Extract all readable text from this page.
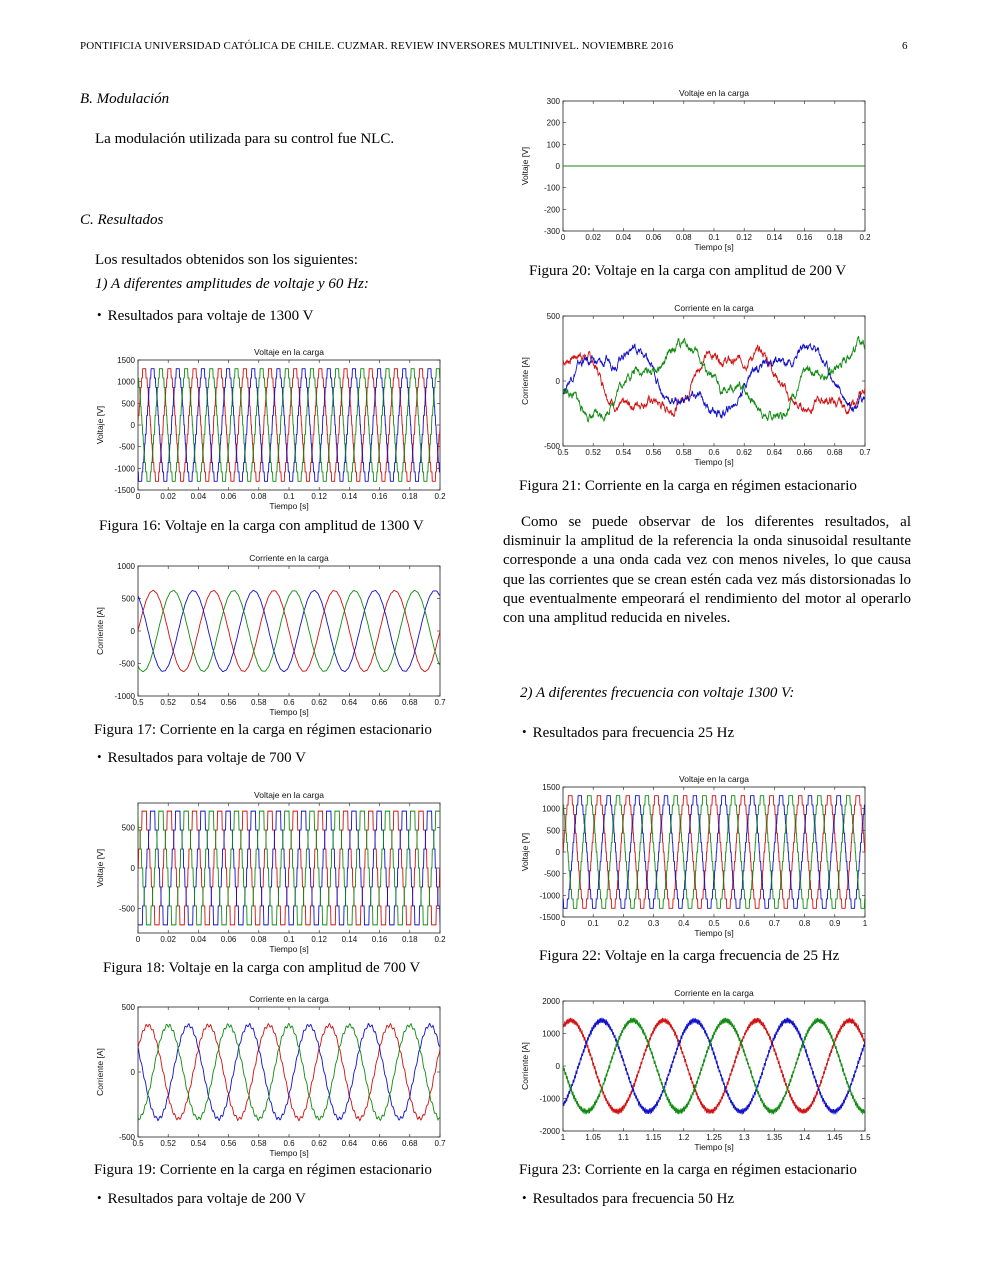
PONTIFICIA UNIVERSIDAD CATÓLICA DE CHILE. CUZMAR. REVIEW INVERSORES MULTINIVEL. NOVIEMBRE 2016	6
B. Modulación
La modulación utilizada para su control fue NLC.
C. Resultados
Los resultados obtenidos son los siguientes:
1) A diferentes amplitudes de voltaje y 60 Hz:
• Resultados para voltaje de 1300 V
Voltaje en la carga
0	0.02 0.04 0.06 0.08 0.1 0.12 0.14 0.16 0.18 0.2
1500
1000
500
0
-500
-1000
-1500
Tiempo [s]
Voltaje [V]
Figura 16: Voltaje en la carga con amplitud de 1300 V
Corriente en la carga
0.5 0.52 0.54 0.56 0.58 0.6 0.62 0.64 0.66 0.68 0.7
1000
500
0
-500
-1000
Tiempo [s]
Corriente [A]
Figura 17: Corriente en la carga en régimen estacionario
• Resultados para voltaje de 700 V
Voltaje en la carga
0	0.02 0.04 0.06 0.08 0.1 0.12 0.14 0.16 0.18 0.2
500
0
-500
Tiempo [s]
Voltaje [V]
Figura 18: Voltaje en la carga con amplitud de 700 V
Corriente en la carga
0.5 0.52 0.54 0.56 0.58 0.6 0.62 0.64 0.66 0.68 0.7
500
0
-500
Tiempo [s]
Corriente [A]
Figura 19: Corriente en la carga en régimen estacionario
• Resultados para voltaje de 200 V
Voltaje en la carga
0	0.02 0.04 0.06 0.08 0.1 0.12 0.14 0.16 0.18 0.2
300
200
100
0
-100
-200
-300
Tiempo [s]
Voltaje [V]
Figura 20: Voltaje en la carga con amplitud de 200 V
Corriente en la carga
0.5 0.52 0.54 0.56 0.58 0.6 0.62 0.64 0.66 0.68 0.7
500
0
-500
Tiempo [s]
Corriente [A]
Figura 21: Corriente en la carga en régimen estacionario
Como se puede observar de los diferentes resultados, al disminuir la amplitud de la referencia la onda sinusoidal resultante corresponde a una onda cada vez con menos niveles, lo que causa que las corrientes que se crean estén cada vez más distorsionadas lo que eventualmente empeorará el rendimiento del motor al operarlo con una amplitud reducida en niveles.
2) A diferentes frecuencia con voltaje 1300 V:
• Resultados para frecuencia 25 Hz
Voltaje en la carga
0	0.1 0.2 0.3 0.4 0.5 0.6 0.7 0.8 0.9	1
1500
1000
500
0
-500
-1000
-1500
Tiempo [s]
Voltaje [V]
Figura 22: Voltaje en la carga frecuencia de 25 Hz
Corriente en la carga
1	1.05 1.1 1.15 1.2 1.25 1.3 1.35 1.4 1.45 1.5
2000
1000
0
-1000
-2000
Tiempo [s]
Corriente [A]
Figura 23: Corriente en la carga en régimen estacionario
• Resultados para frecuencia 50 Hz
